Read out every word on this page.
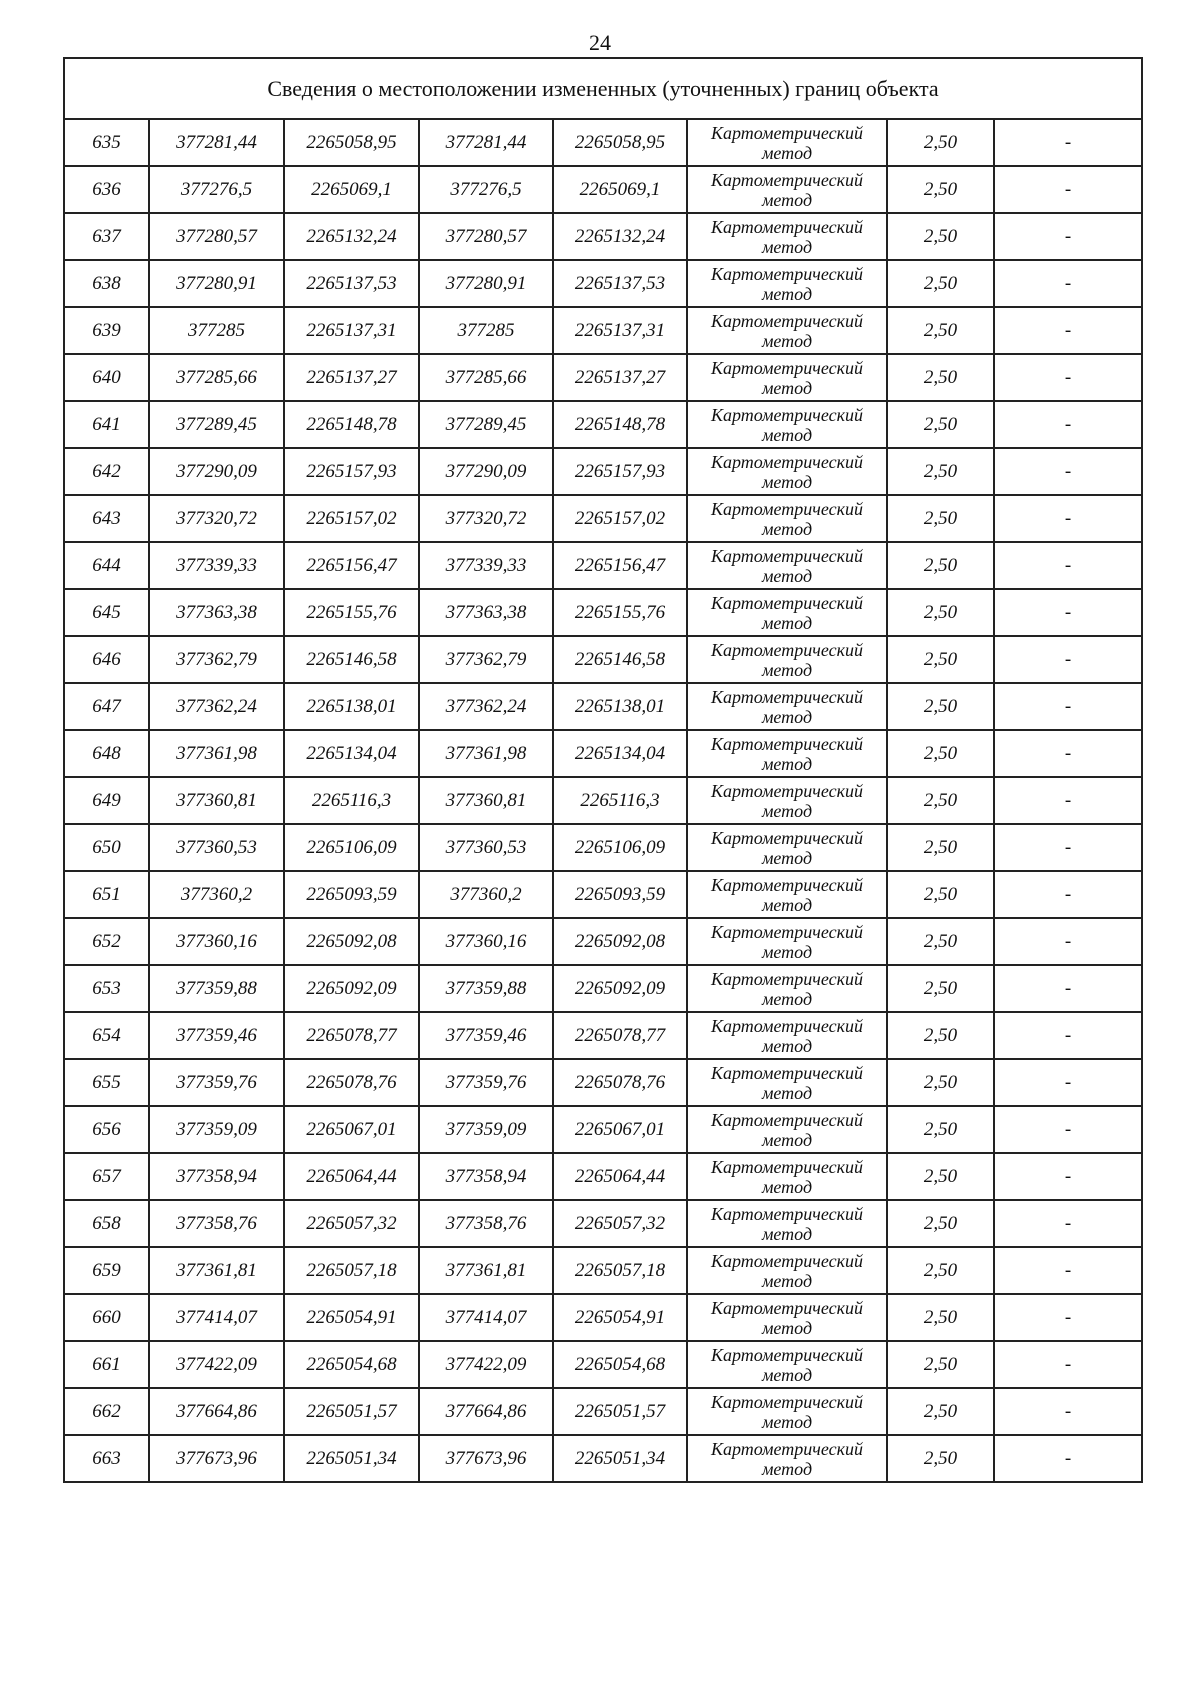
24
Сведения о местоположении измененных (уточненных) границ объекта							
635	377281,44	2265058,95	377281,44	2265058,95	Картометрический метод	2,50	-
636	377276,5	2265069,1	377276,5	2265069,1	Картометрический метод	2,50	-
637	377280,57	2265132,24	377280,57	2265132,24	Картометрический метод	2,50	-
638	377280,91	2265137,53	377280,91	2265137,53	Картометрический метод	2,50	-
639	377285	2265137,31	377285	2265137,31	Картометрический метод	2,50	-
640	377285,66	2265137,27	377285,66	2265137,27	Картометрический метод	2,50	-
641	377289,45	2265148,78	377289,45	2265148,78	Картометрический метод	2,50	-
642	377290,09	2265157,93	377290,09	2265157,93	Картометрический метод	2,50	-
643	377320,72	2265157,02	377320,72	2265157,02	Картометрический метод	2,50	-
644	377339,33	2265156,47	377339,33	2265156,47	Картометрический метод	2,50	-
645	377363,38	2265155,76	377363,38	2265155,76	Картометрический метод	2,50	-
646	377362,79	2265146,58	377362,79	2265146,58	Картометрический метод	2,50	-
647	377362,24	2265138,01	377362,24	2265138,01	Картометрический метод	2,50	-
648	377361,98	2265134,04	377361,98	2265134,04	Картометрический метод	2,50	-
649	377360,81	2265116,3	377360,81	2265116,3	Картометрический метод	2,50	-
650	377360,53	2265106,09	377360,53	2265106,09	Картометрический метод	2,50	-
651	377360,2	2265093,59	377360,2	2265093,59	Картометрический метод	2,50	-
652	377360,16	2265092,08	377360,16	2265092,08	Картометрический метод	2,50	-
653	377359,88	2265092,09	377359,88	2265092,09	Картометрический метод	2,50	-
654	377359,46	2265078,77	377359,46	2265078,77	Картометрический метод	2,50	-
655	377359,76	2265078,76	377359,76	2265078,76	Картометрический метод	2,50	-
656	377359,09	2265067,01	377359,09	2265067,01	Картометрический метод	2,50	-
657	377358,94	2265064,44	377358,94	2265064,44	Картометрический метод	2,50	-
658	377358,76	2265057,32	377358,76	2265057,32	Картометрический метод	2,50	-
659	377361,81	2265057,18	377361,81	2265057,18	Картометрический метод	2,50	-
660	377414,07	2265054,91	377414,07	2265054,91	Картометрический метод	2,50	-
661	377422,09	2265054,68	377422,09	2265054,68	Картометрический метод	2,50	-
662	377664,86	2265051,57	377664,86	2265051,57	Картометрический метод	2,50	-
663	377673,96	2265051,34	377673,96	2265051,34	Картометрический метод	2,50	-
